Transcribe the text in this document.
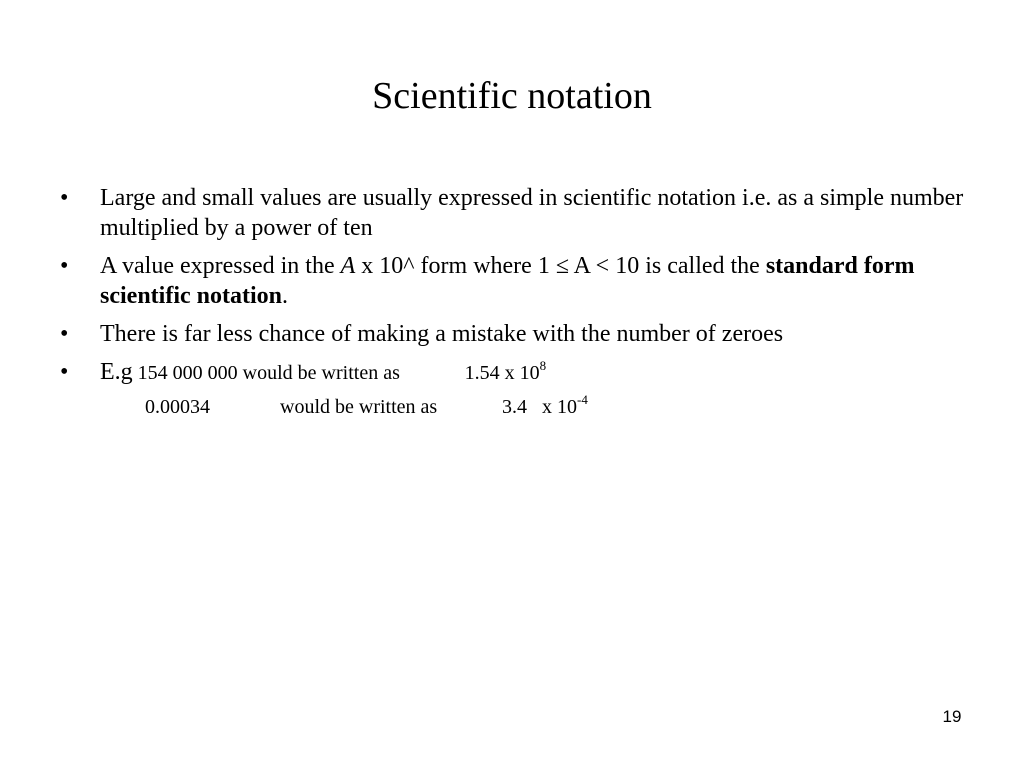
Scientific notation
•	Large and small values are usually expressed in scientific notation i.e. as a simple number multiplied by a power of ten
•	A value expressed in the A x 10^ form where 1 ≤ A < 10 is called the standard form scientific notation.
•	There is far less chance of making a mistake with the number of zeroes
•	E.g 154 000 000 would be written as	1.54 x $10^8$
0.00034	would be written as	3.4   x $10^{-4}$
19
